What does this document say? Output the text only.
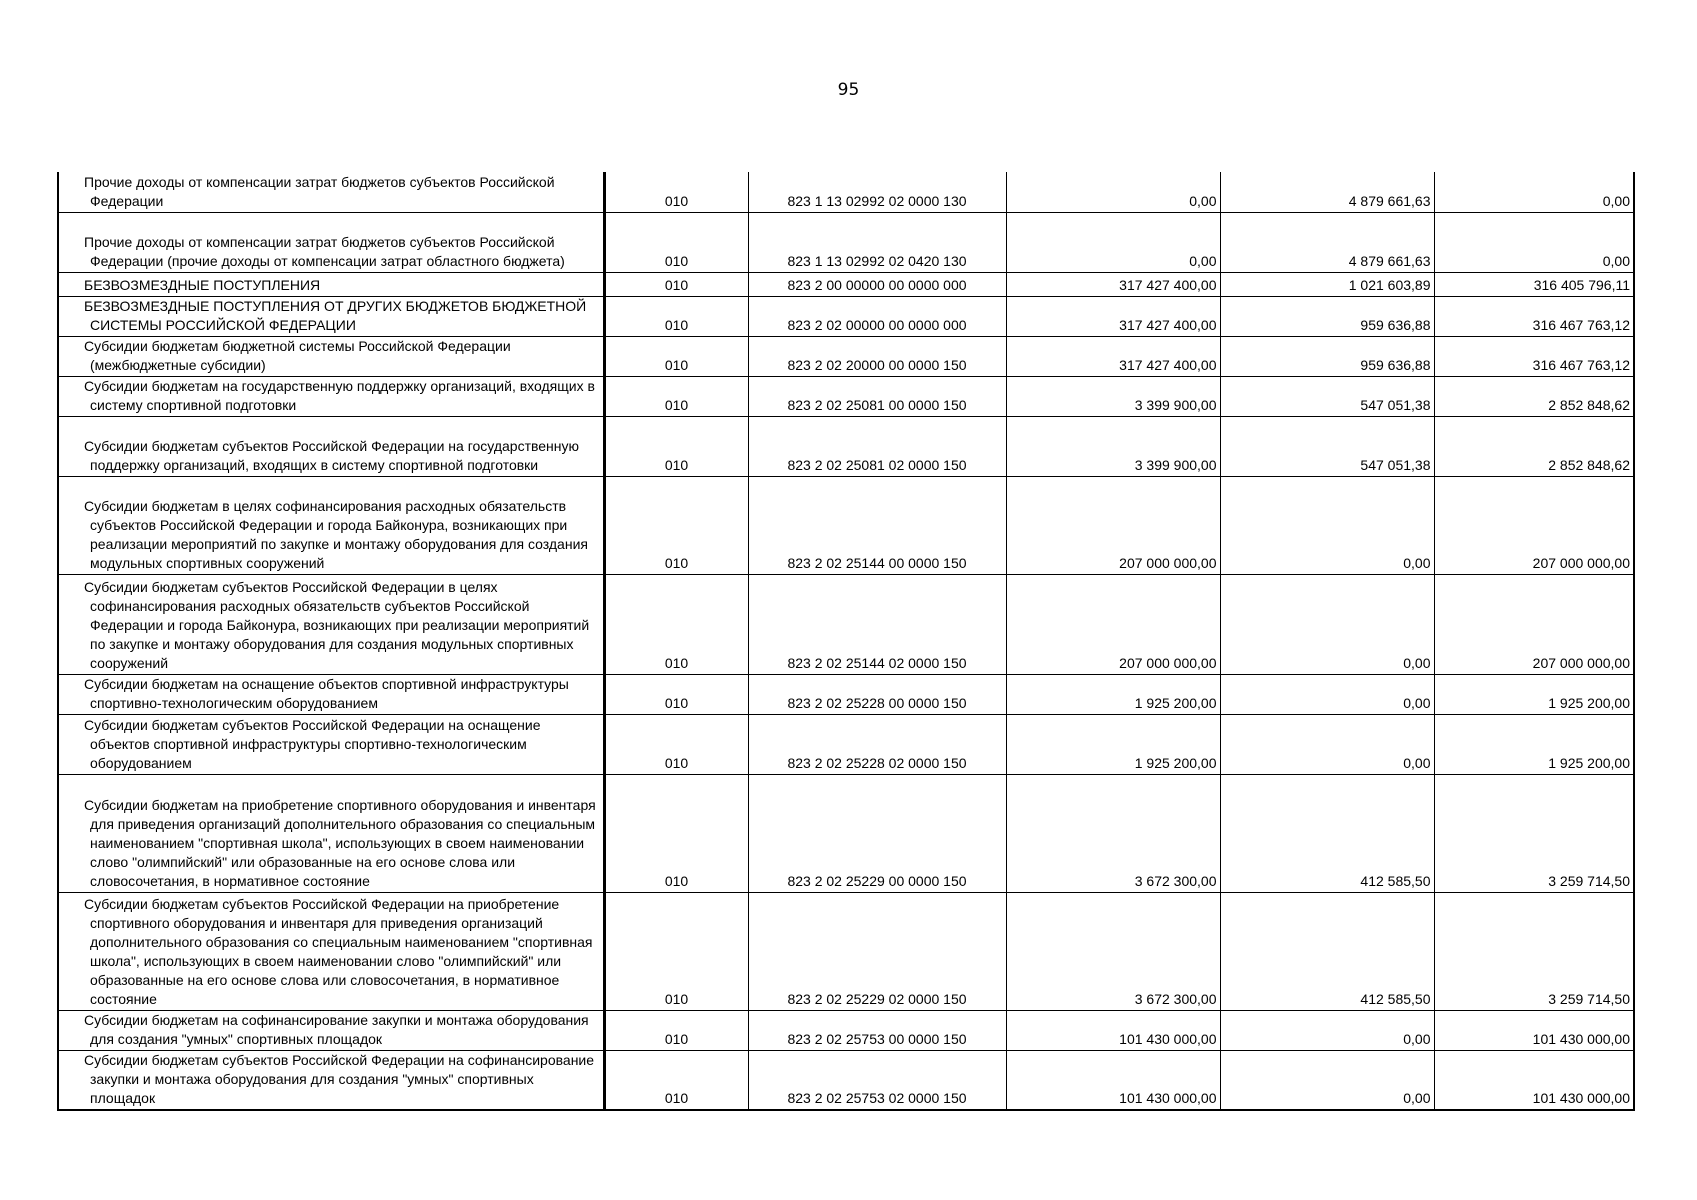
95
Прочие доходы от компенсации затрат бюджетов субъектов Российской Федерации	010	823 1 13 02992 02 0000 130	0,00	4 879 661,63	0,00
Прочие доходы от компенсации затрат бюджетов субъектов Российской Федерации (прочие доходы от компенсации затрат областного бюджета)	010	823 1 13 02992 02 0420 130	0,00	4 879 661,63	0,00
БЕЗВОЗМЕЗДНЫЕ ПОСТУПЛЕНИЯ	010	823 2 00 00000 00 0000 000	317 427 400,00	1 021 603,89	316 405 796,11
БЕЗВОЗМЕЗДНЫЕ ПОСТУПЛЕНИЯ ОТ ДРУГИХ БЮДЖЕТОВ БЮДЖЕТНОЙ СИСТЕМЫ РОССИЙСКОЙ ФЕДЕРАЦИИ	010	823 2 02 00000 00 0000 000	317 427 400,00	959 636,88	316 467 763,12
Субсидии бюджетам бюджетной системы Российской Федерации (межбюджетные субсидии)	010	823 2 02 20000 00 0000 150	317 427 400,00	959 636,88	316 467 763,12
Субсидии бюджетам на государственную поддержку организаций, входящих в систему спортивной подготовки	010	823 2 02 25081 00 0000 150	3 399 900,00	547 051,38	2 852 848,62
Субсидии бюджетам субъектов Российской Федерации на государственную поддержку организаций, входящих в систему спортивной подготовки	010	823 2 02 25081 02 0000 150	3 399 900,00	547 051,38	2 852 848,62
Субсидии бюджетам в целях софинансирования расходных обязательств субъектов Российской Федерации и города Байконура, возникающих при реализации мероприятий по закупке и монтажу оборудования для создания модульных спортивных сооружений	010	823 2 02 25144 00 0000 150	207 000 000,00	0,00	207 000 000,00
Субсидии бюджетам субъектов Российской Федерации в целях софинансирования расходных обязательств субъектов Российской Федерации и города Байконура, возникающих при реализации мероприятий по закупке и монтажу оборудования для создания модульных спортивных сооружений	010	823 2 02 25144 02 0000 150	207 000 000,00	0,00	207 000 000,00
Субсидии бюджетам на оснащение объектов спортивной инфраструктуры спортивно-технологическим оборудованием	010	823 2 02 25228 00 0000 150	1 925 200,00	0,00	1 925 200,00
Субсидии бюджетам субъектов Российской Федерации на оснащение объектов спортивной инфраструктуры спортивно-технологическим оборудованием	010	823 2 02 25228 02 0000 150	1 925 200,00	0,00	1 925 200,00
Субсидии бюджетам на приобретение спортивного оборудования и инвентаря для приведения организаций дополнительного образования со специальным наименованием "спортивная школа", использующих в своем наименовании слово "олимпийский" или образованные на его основе слова или словосочетания, в нормативное состояние	010	823 2 02 25229 00 0000 150	3 672 300,00	412 585,50	3 259 714,50
Субсидии бюджетам субъектов Российской Федерации на приобретение спортивного оборудования и инвентаря для приведения организаций дополнительного образования со специальным наименованием "спортивная школа", использующих в своем наименовании слово "олимпийский" или образованные на его основе слова или словосочетания, в нормативное состояние	010	823 2 02 25229 02 0000 150	3 672 300,00	412 585,50	3 259 714,50
Субсидии бюджетам на софинансирование закупки и монтажа оборудования для создания "умных" спортивных площадок	010	823 2 02 25753 00 0000 150	101 430 000,00	0,00	101 430 000,00
Субсидии бюджетам субъектов Российской Федерации на софинансирование закупки и монтажа оборудования для создания "умных" спортивных площадок	010	823 2 02 25753 02 0000 150	101 430 000,00	0,00	101 430 000,00
